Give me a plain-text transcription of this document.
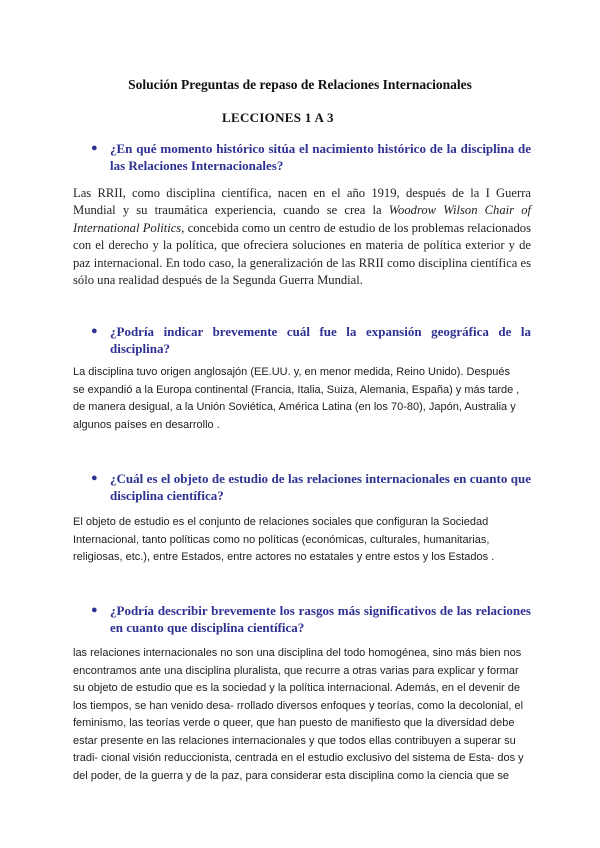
Solución Preguntas de repaso de Relaciones Internacionales
LECCIONES 1 A 3
● ¿En qué momento histórico sitúa el nacimiento histórico de la disciplina de las Relaciones Internacionales?
Las RRII, como disciplina científica, nacen en el año 1919, después de la I Guerra Mundial y su traumática experiencia, cuando se crea la Woodrow Wilson Chair of International Politics, concebida como un centro de estudio de los problemas relacionados con el derecho y la política, que ofreciera soluciones en materia de política exterior y de paz internacional. En todo caso, la generalización de las RRII como disciplina científica es sólo una realidad después de la Segunda Guerra Mundial.
● ¿Podría indicar brevemente cuál fue la expansión geográfica de la disciplina?
La disciplina tuvo origen anglosajón (EE.UU. y, en menor medida, Reino Unido). Después
se expandió a la Europa continental (Francia, Italia, Suiza, Alemania, España) y más tarde ,
de manera desigual, a la Unión Soviética, América Latina (en los 70-80), Japón, Australia y
algunos países en desarrollo .
● ¿Cuál es el objeto de estudio de las relaciones internacionales en cuanto que disciplina científica?
El objeto de estudio es el conjunto de relaciones sociales que configuran la Sociedad
Internacional, tanto políticas como no políticas (económicas, culturales, humanitarias,
religiosas, etc.), entre Estados, entre actores no estatales y entre estos y los Estados .
● ¿Podría describir brevemente los rasgos más significativos de las relaciones en cuanto que disciplina científica?
las relaciones internacionales no son una disciplina del todo homogénea, sino más bien nos
encontramos ante una disciplina pluralista, que recurre a otras varias para explicar y formar
su objeto de estudio que es la sociedad y la política internacional. Además, en el devenir de
los tiempos, se han venido desa- rrollado diversos enfoques y teorías, como la decolonial, el
feminismo, las teorías verde o queer, que han puesto de manifiesto que la diversidad debe
estar presente en las relaciones internacionales y que todos ellas contribuyen a superar su
tradi- cional visión reduccionista, centrada en el estudio exclusivo del sistema de Esta- dos y
del poder, de la guerra y de la paz, para considerar esta disciplina como la ciencia que se
